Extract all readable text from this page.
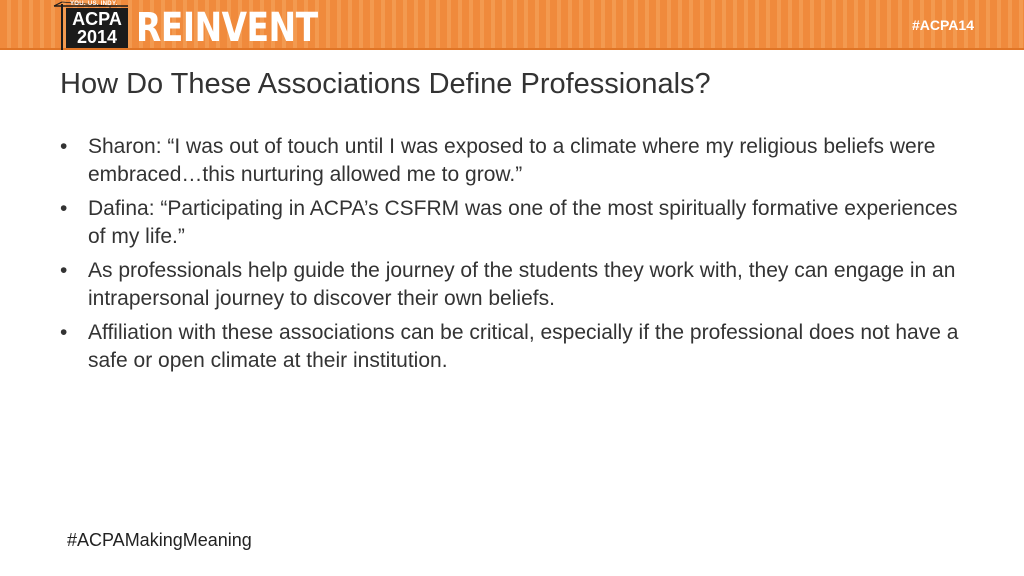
YOU. US. INDY.
ACPA
2014 REINVENT	#ACPA14
How Do These Associations Define Professionals?
• Sharon: “I was out of touch until I was exposed to a climate where my religious beliefs were embraced…this nurturing allowed me to grow.”
• Dafina: “Participating in ACPA’s CSFRM was one of the most spiritually formative experiences of my life.”
• As professionals help guide the journey of the students they work with, they can engage in an intrapersonal journey to discover their own beliefs.
• Affiliation with these associations can be critical, especially if the professional does not have a safe or open climate at their institution.
#ACPAMakingMeaning
